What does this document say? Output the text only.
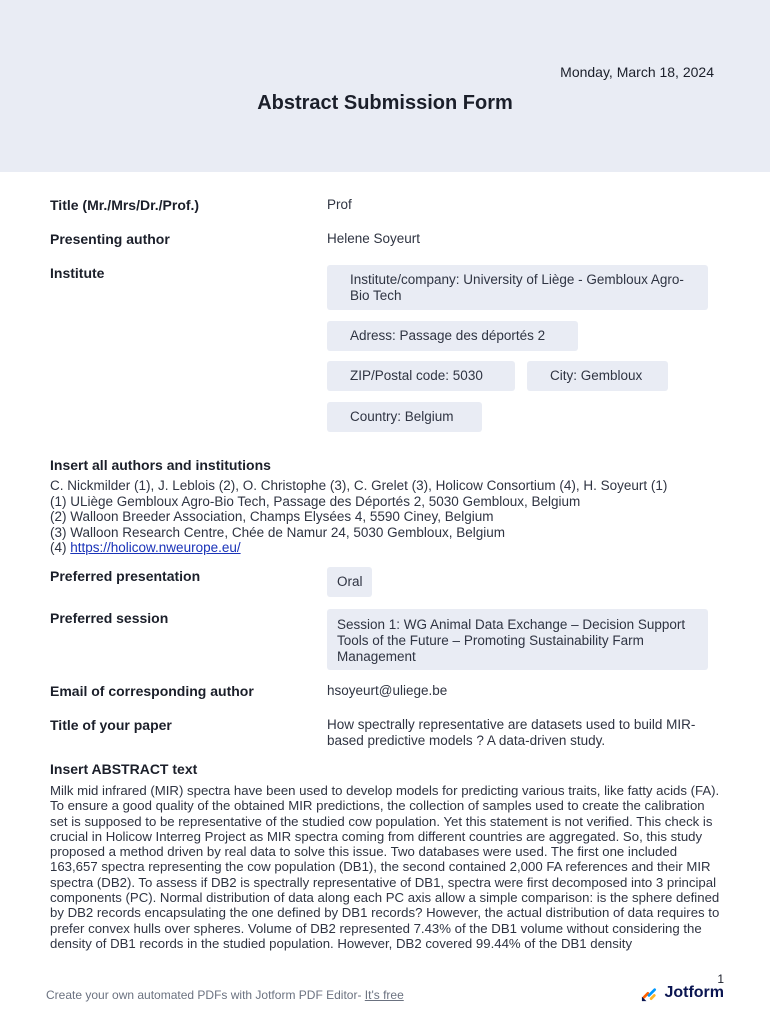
Monday, March 18, 2024
Abstract Submission Form
Title (Mr./Mrs/Dr./Prof.)	Prof
Presenting author	Helene Soyeurt
Institute	Institute/company: University of Liège - Gembloux Agro-Bio Tech
Adress: Passage des déportés 2
ZIP/Postal code: 5030	City: Gembloux
Country: Belgium
Insert all authors and institutions
C. Nickmilder (1), J. Leblois (2), O. Christophe (3), C. Grelet (3), Holicow Consortium (4), H. Soyeurt (1)
(1) ULiège Gembloux Agro-Bio Tech, Passage des Déportés 2, 5030 Gembloux, Belgium
(2) Walloon Breeder Association, Champs Elysées 4, 5590 Ciney, Belgium
(3) Walloon Research Centre, Chée de Namur 24, 5030 Gembloux, Belgium
(4) https://holicow.nweurope.eu/
Preferred presentation	Oral
Preferred session	Session 1: WG Animal Data Exchange – Decision Support Tools of the Future – Promoting Sustainability Farm Management
Email of corresponding author	hsoyeurt@uliege.be
Title of your paper	How spectrally representative are datasets used to build MIR-based predictive models ? A data-driven study.
Insert ABSTRACT text
Milk mid infrared (MIR) spectra have been used to develop models for predicting various traits, like fatty acids (FA). To ensure a good quality of the obtained MIR predictions, the collection of samples used to create the calibration set is supposed to be representative of the studied cow population. Yet this statement is not verified. This check is crucial in Holicow Interreg Project as MIR spectra coming from different countries are aggregated. So, this study proposed a method driven by real data to solve this issue. Two databases were used. The first one included 163,657 spectra representing the cow population (DB1), the second contained 2,000 FA references and their MIR spectra (DB2). To assess if DB2 is spectrally representative of DB1, spectra were first decomposed into 3 principal components (PC). Normal distribution of data along each PC axis allow a simple comparison: is the sphere defined by DB2 records encapsulating the one defined by DB1 records? However, the actual distribution of data requires to prefer convex hulls over spheres. Volume of DB2 represented 7.43% of the DB1 volume without considering the density of DB1 records in the studied population. However, DB2 covered 99.44% of the DB1 density
1
Create your own automated PDFs with Jotform PDF Editor- It's free	Jotform
